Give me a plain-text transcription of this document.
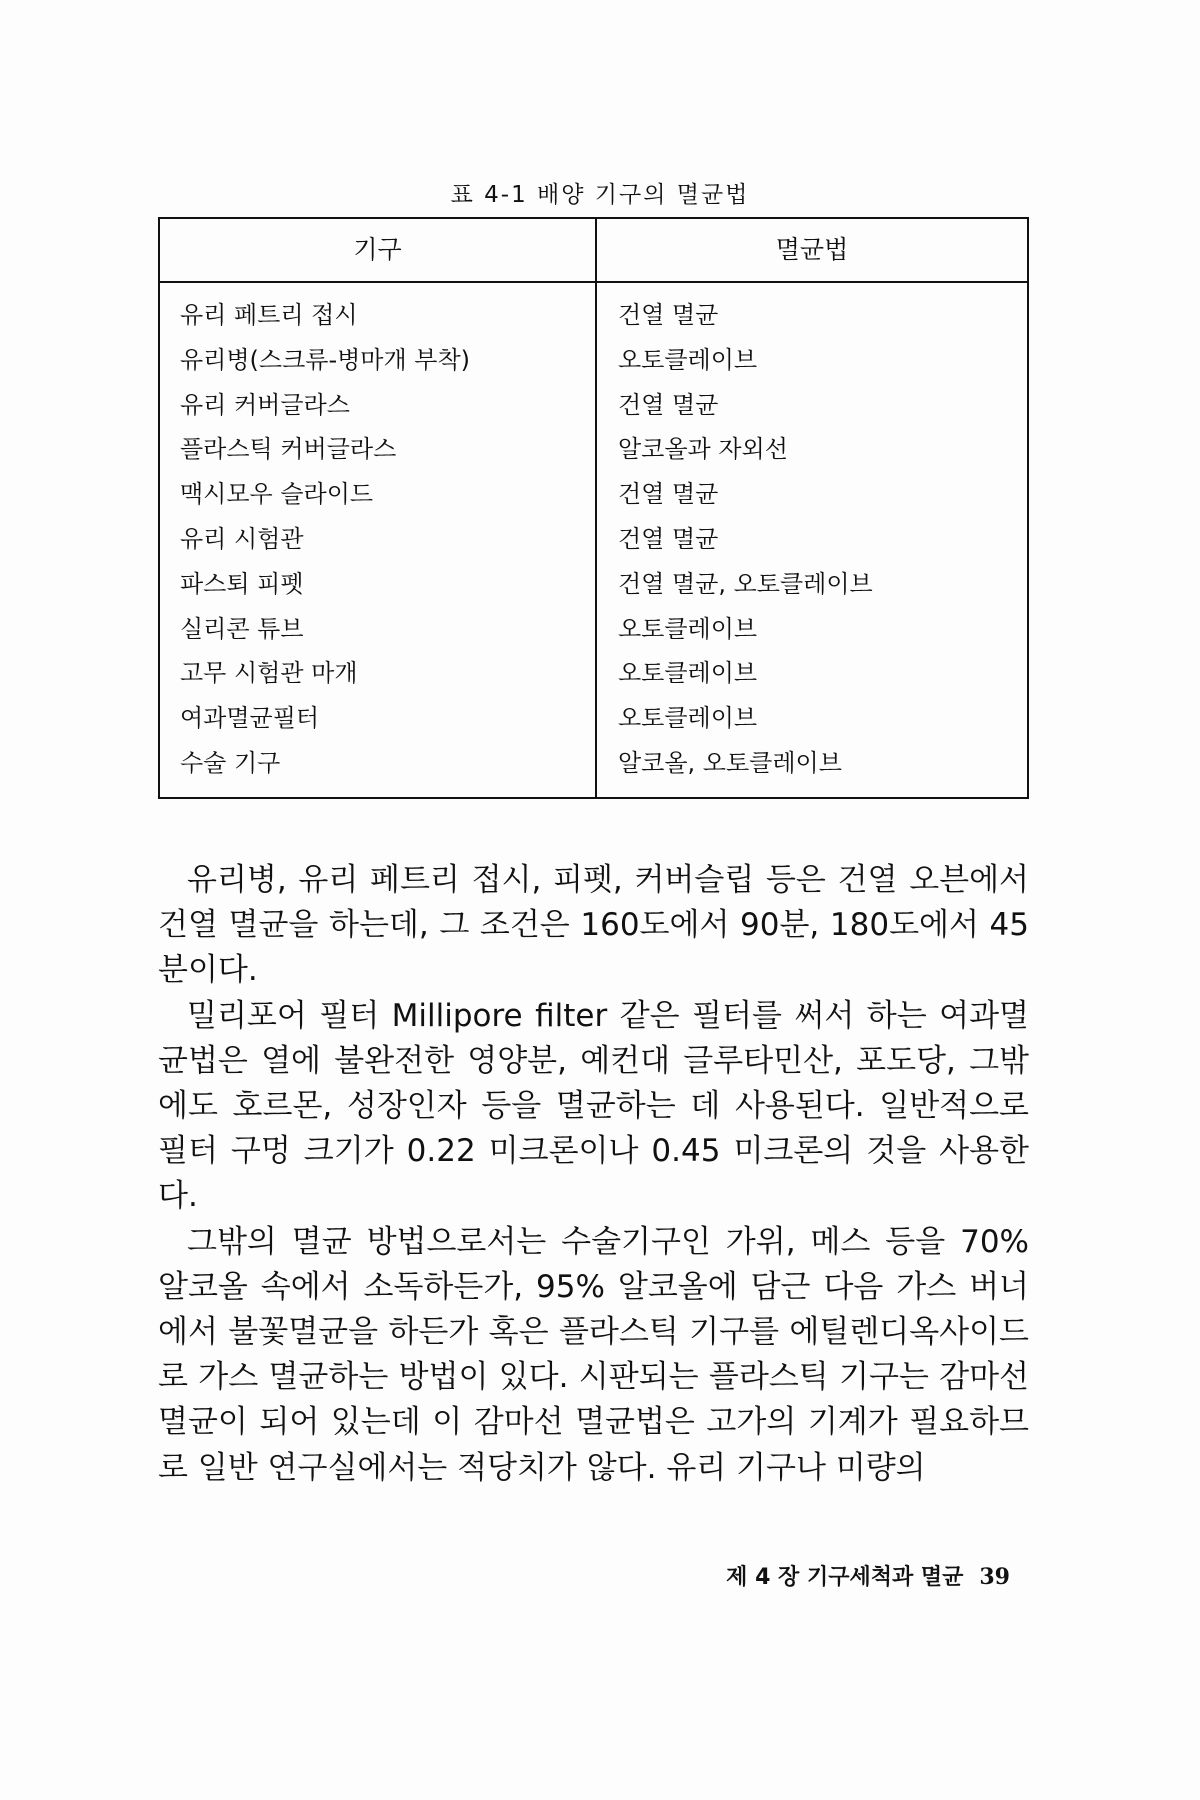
표 4-1 배양 기구의 멸균법
기구	멸균법
유리 페트리 접시	건열 멸균
유리병(스크류-병마개 부착)	오토클레이브
유리 커버글라스	건열 멸균
플라스틱 커버글라스	알코올과 자외선
맥시모우 슬라이드	건열 멸균
유리 시험관	건열 멸균
파스퇴 피펫	건열 멸균, 오토클레이브
실리콘 튜브	오토클레이브
고무 시험관 마개	오토클레이브
여과멸균필터	오토클레이브
수술 기구	알코올, 오토클레이브

유리병, 유리 페트리 접시, 피펫, 커버슬립 등은 건열 오븐에서 건열 멸균을 하는데, 그 조건은 160도에서 90분, 180도에서 45분이다.

밀리포어 필터 Millipore filter 같은 필터를 써서 하는 여과멸균법은 열에 불완전한 영양분, 예컨대 글루타민산, 포도당, 그밖에도 호르몬, 성장인자 등을 멸균하는 데 사용된다. 일반적으로 필터 구멍 크기가 0.22 미크론이나 0.45 미크론의 것을 사용한다.

그밖의 멸균 방법으로서는 수술기구인 가위, 메스 등을 70% 알코올 속에서 소독하든가, 95% 알코올에 담근 다음 가스 버너에서 불꽃멸균을 하든가 혹은 플라스틱 기구를 에틸렌디옥사이드로 가스 멸균하는 방법이 있다. 시판되는 플라스틱 기구는 감마선 멸균이 되어 있는데 이 감마선 멸균법은 고가의 기계가 필요하므로 일반 연구실에서는 적당치가 않다. 유리 기구나 미량의

제 4 장 기구세척과 멸균 39
